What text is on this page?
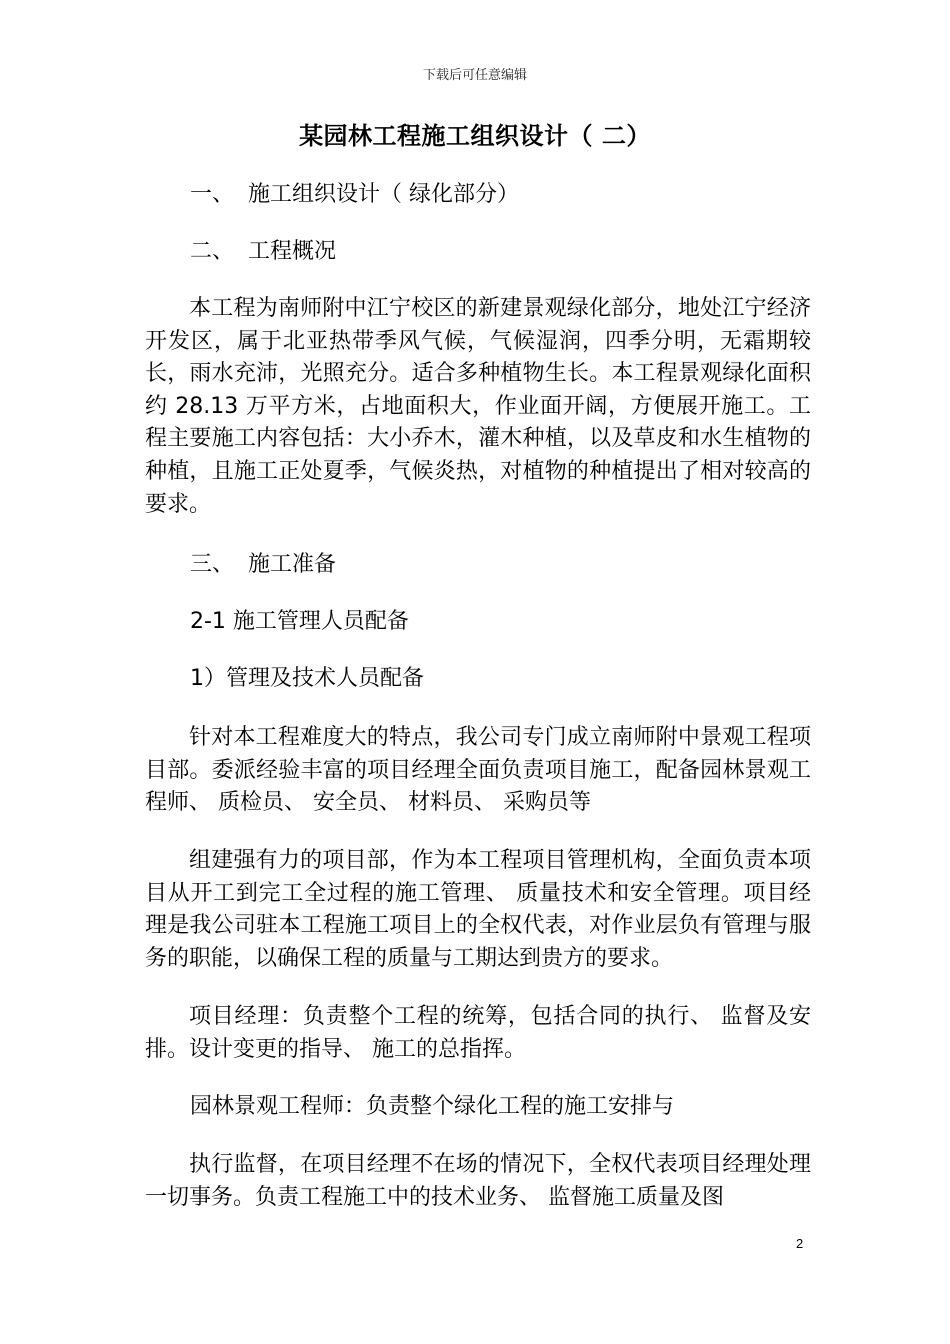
下载后可任意编辑
某园林工程施工组织设计（ 二）
一、 施工组织设计（ 绿化部分）
二、 工程概况

本工程为南师附中江宁校区的新建景观绿化部分，地处江宁经济开发区，属于北亚热带季风气候，气候湿润，四季分明，无霜期较长，雨水充沛，光照充分。适合多种植物生长。本工程景观绿化面积约 28.13 万平方米，占地面积大，作业面开阔，方便展开施工。工程主要施工内容包括：大小乔木，灌木种植，以及草皮和水生植物的种植，且施工正处夏季，气候炎热，对植物的种植提出了相对较高的要求。

三、 施工准备
2-1 施工管理人员配备
1）管理及技术人员配备

针对本工程难度大的特点，我公司专门成立南师附中景观工程项目部。委派经验丰富的项目经理全面负责项目施工，配备园林景观工程师、 质检员、 安全员、 材料员、 采购员等

组建强有力的项目部，作为本工程项目管理机构，全面负责本项目从开工到完工全过程的施工管理、 质量技术和安全管理。项目经理是我公司驻本工程施工项目上的全权代表，对作业层负有管理与服务的职能，以确保工程的质量与工期达到贵方的要求。

项目经理：负责整个工程的统筹，包括合同的执行、 监督及安排。设计变更的指导、 施工的总指挥。

园林景观工程师：负责整个绿化工程的施工安排与

执行监督，在项目经理不在场的情况下，全权代表项目经理处理一切事务。负责工程施工中的技术业务、 监督施工质量及图

2
